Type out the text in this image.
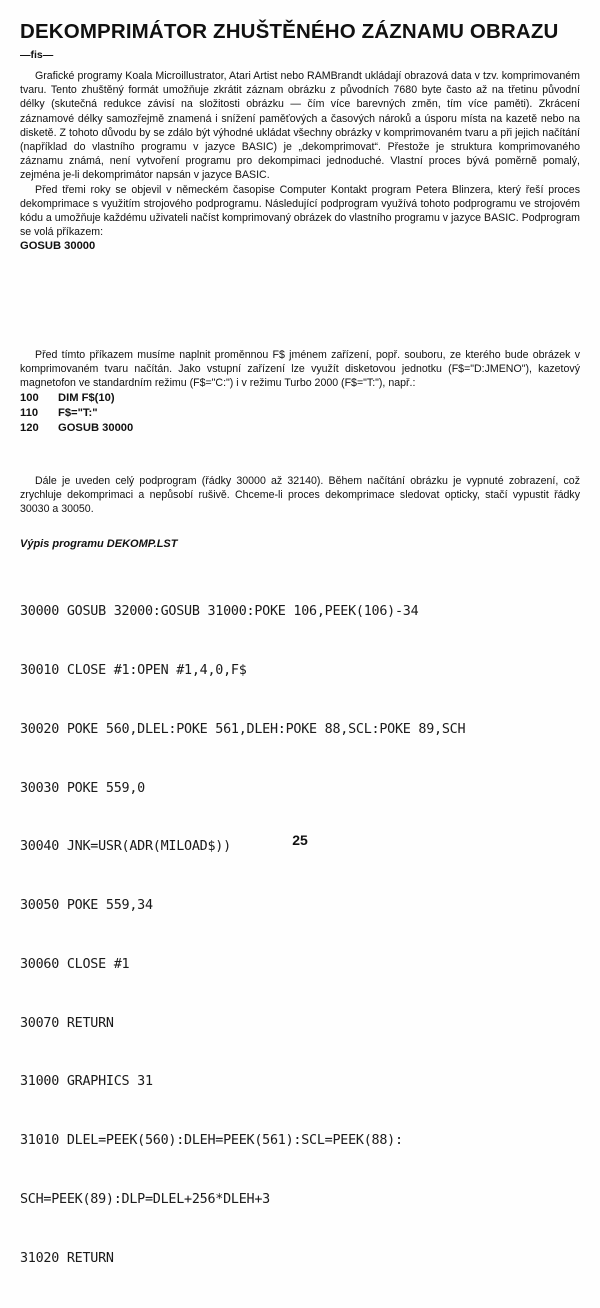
DEKOMPRIMÁTOR ZHUŠTĚNÉHO ZÁZNAMU OBRAZU
—fis—

Grafické programy Koala Microillustrator, Atari Artist nebo RAMBrandt ukládají obrazová data v tzv. komprimovaném tvaru. Tento zhuštěný formát umožňuje zkrátit záznam obrázku z původních 7680 byte často až na třetinu původní délky (skutečná redukce závisí na složitosti obrázku — čím více barevných změn, tím více paměti). Zkrácení záznamové délky samozřejmě znamená i snížení paměťových a časových nároků a úsporu místa na kazetě nebo na disketě. Z tohoto důvodu by se zdálo být výhodné ukládat všechny obrázky v komprimovaném tvaru a při jejich načítání (například do vlastního programu v jazyce BASIC) je „dekomprimovat“. Přestože je struktura komprimovaného záznamu známá, není vytvoření programu pro dekompimaci jednoduché. Vlastní proces bývá poměrně pomalý, zejména je-li dekomprimátor napsán v jazyce BASIC.

Před třemi roky se objevil v německém časopise Computer Kontakt program Petera Blinzera, který řeší proces dekomprimace s využitím strojového podprogramu. Následující podprogram využívá tohoto podprogramu ve strojovém kódu a umožňuje každému uživateli načíst komprimovaný obrázek do vlastního programu v jazyce BASIC. Podprogram se volá příkazem:

GOSUB 30000

Před tímto příkazem musíme naplnit proměnnou F$ jménem zařízení, popř. souboru, ze kterého bude obrázek v komprimovaném tvaru načítán. Jako vstupní zařízení lze využít disketovou jednotku (F$="D:JMENO"), kazetový magnetofon ve standardním režimu (F$="C:") i v režimu Turbo 2000 (F$="T:"), např.:

100	DIM F$(10)
110	F$="T:"
120	GOSUB 30000

Dále je uveden celý podprogram (řádky 30000 až 32140). Během načítání obrázku je vypnuté zobrazení, což zrychluje dekomprimaci a nepůsobí rušivě. Chceme-li proces dekomprimace sledovat opticky, stačí vypustit řádky 30030 a 30050.

Výpis programu DEKOMP.LST

30000 GOSUB 32000:GOSUB 31000:POKE 106,PEEK(106)-34

30010 CLOSE #1:OPEN #1,4,0,F$

30020 POKE 560,DLEL:POKE 561,DLEH:POKE 88,SCL:POKE 89,SCH

30030 POKE 559,0

30040 JNK=USR(ADR(MILOAD$))

30050 POKE 559,34

30060 CLOSE #1

30070 RETURN

31000 GRAPHICS 31

31010 DLEL=PEEK(560):DLEH=PEEK(561):SCL=PEEK(88):

SCH=PEEK(89):DLP=DLEL+256*DLEH+3

31020 RETURN

25
